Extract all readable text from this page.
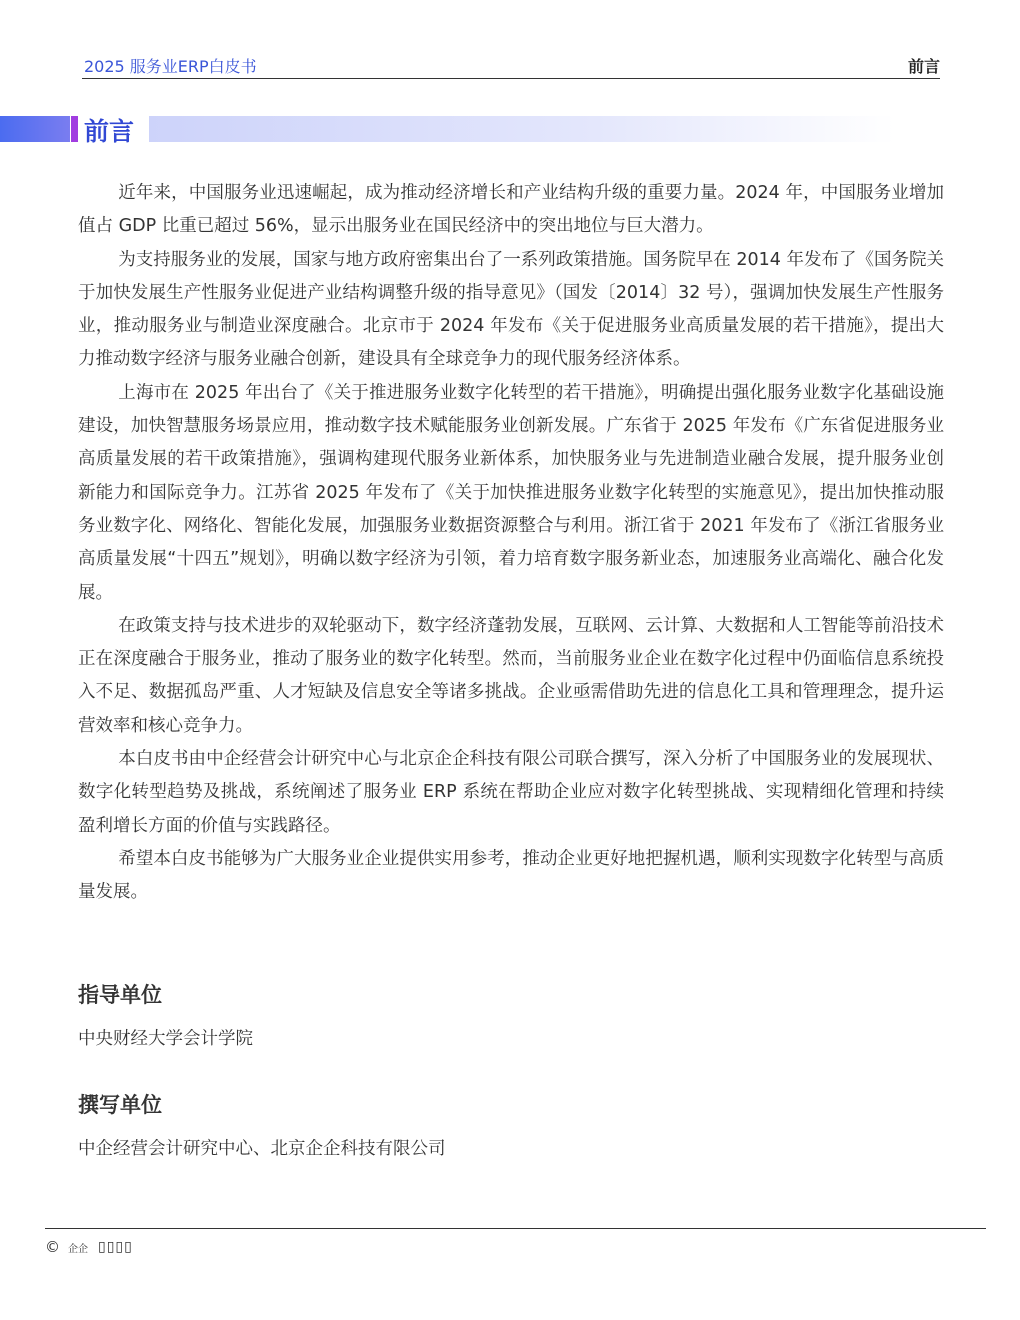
2025 服务业ERP白皮书	前言
前言

近年来，中国服务业迅速崛起，成为推动经济增长和产业结构升级的重要力量。2024 年，中国服务业增加值占 GDP 比重已超过 56%，显示出服务业在国民经济中的突出地位与巨大潜力。

为支持服务业的发展，国家与地方政府密集出台了一系列政策措施。国务院早在 2014 年发布了《国务院关于加快发展生产性服务业促进产业结构调整升级的指导意见》（国发〔2014〕32 号），强调加快发展生产性服务业，推动服务业与制造业深度融合。北京市于 2024 年发布《关于促进服务业高质量发展的若干措施》，提出大力推动数字经济与服务业融合创新，建设具有全球竞争力的现代服务经济体系。

上海市在 2025 年出台了《关于推进服务业数字化转型的若干措施》，明确提出强化服务业数字化基础设施建设，加快智慧服务场景应用，推动数字技术赋能服务业创新发展。广东省于 2025 年发布《广东省促进服务业高质量发展的若干政策措施》，强调构建现代服务业新体系，加快服务业与先进制造业融合发展，提升服务业创新能力和国际竞争力。江苏省 2025 年发布了《关于加快推进服务业数字化转型的实施意见》，提出加快推动服务业数字化、网络化、智能化发展，加强服务业数据资源整合与利用。浙江省于 2021 年发布了《浙江省服务业高质量发展“十四五”规划》，明确以数字经济为引领，着力培育数字服务新业态，加速服务业高端化、融合化发展。

在政策支持与技术进步的双轮驱动下，数字经济蓬勃发展，互联网、云计算、大数据和人工智能等前沿技术正在深度融合于服务业，推动了服务业的数字化转型。然而，当前服务业企业在数字化过程中仍面临信息系统投入不足、数据孤岛严重、人才短缺及信息安全等诸多挑战。企业亟需借助先进的信息化工具和管理理念，提升运营效率和核心竞争力。

本白皮书由中企经营会计研究中心与北京企企科技有限公司联合撰写，深入分析了中国服务业的发展现状、数字化转型趋势及挑战，系统阐述了服务业 ERP 系统在帮助企业应对数字化转型挑战、实现精细化管理和持续盈利增长方面的价值与实践路径。

希望本白皮书能够为广大服务业企业提供实用参考，推动企业更好地把握机遇，顺利实现数字化转型与高质量发展。

指导单位
中央财经大学会计学院
撰写单位
中企经营会计研究中心、北京企企科技有限公司
© 企企 ▯▯▯▯
